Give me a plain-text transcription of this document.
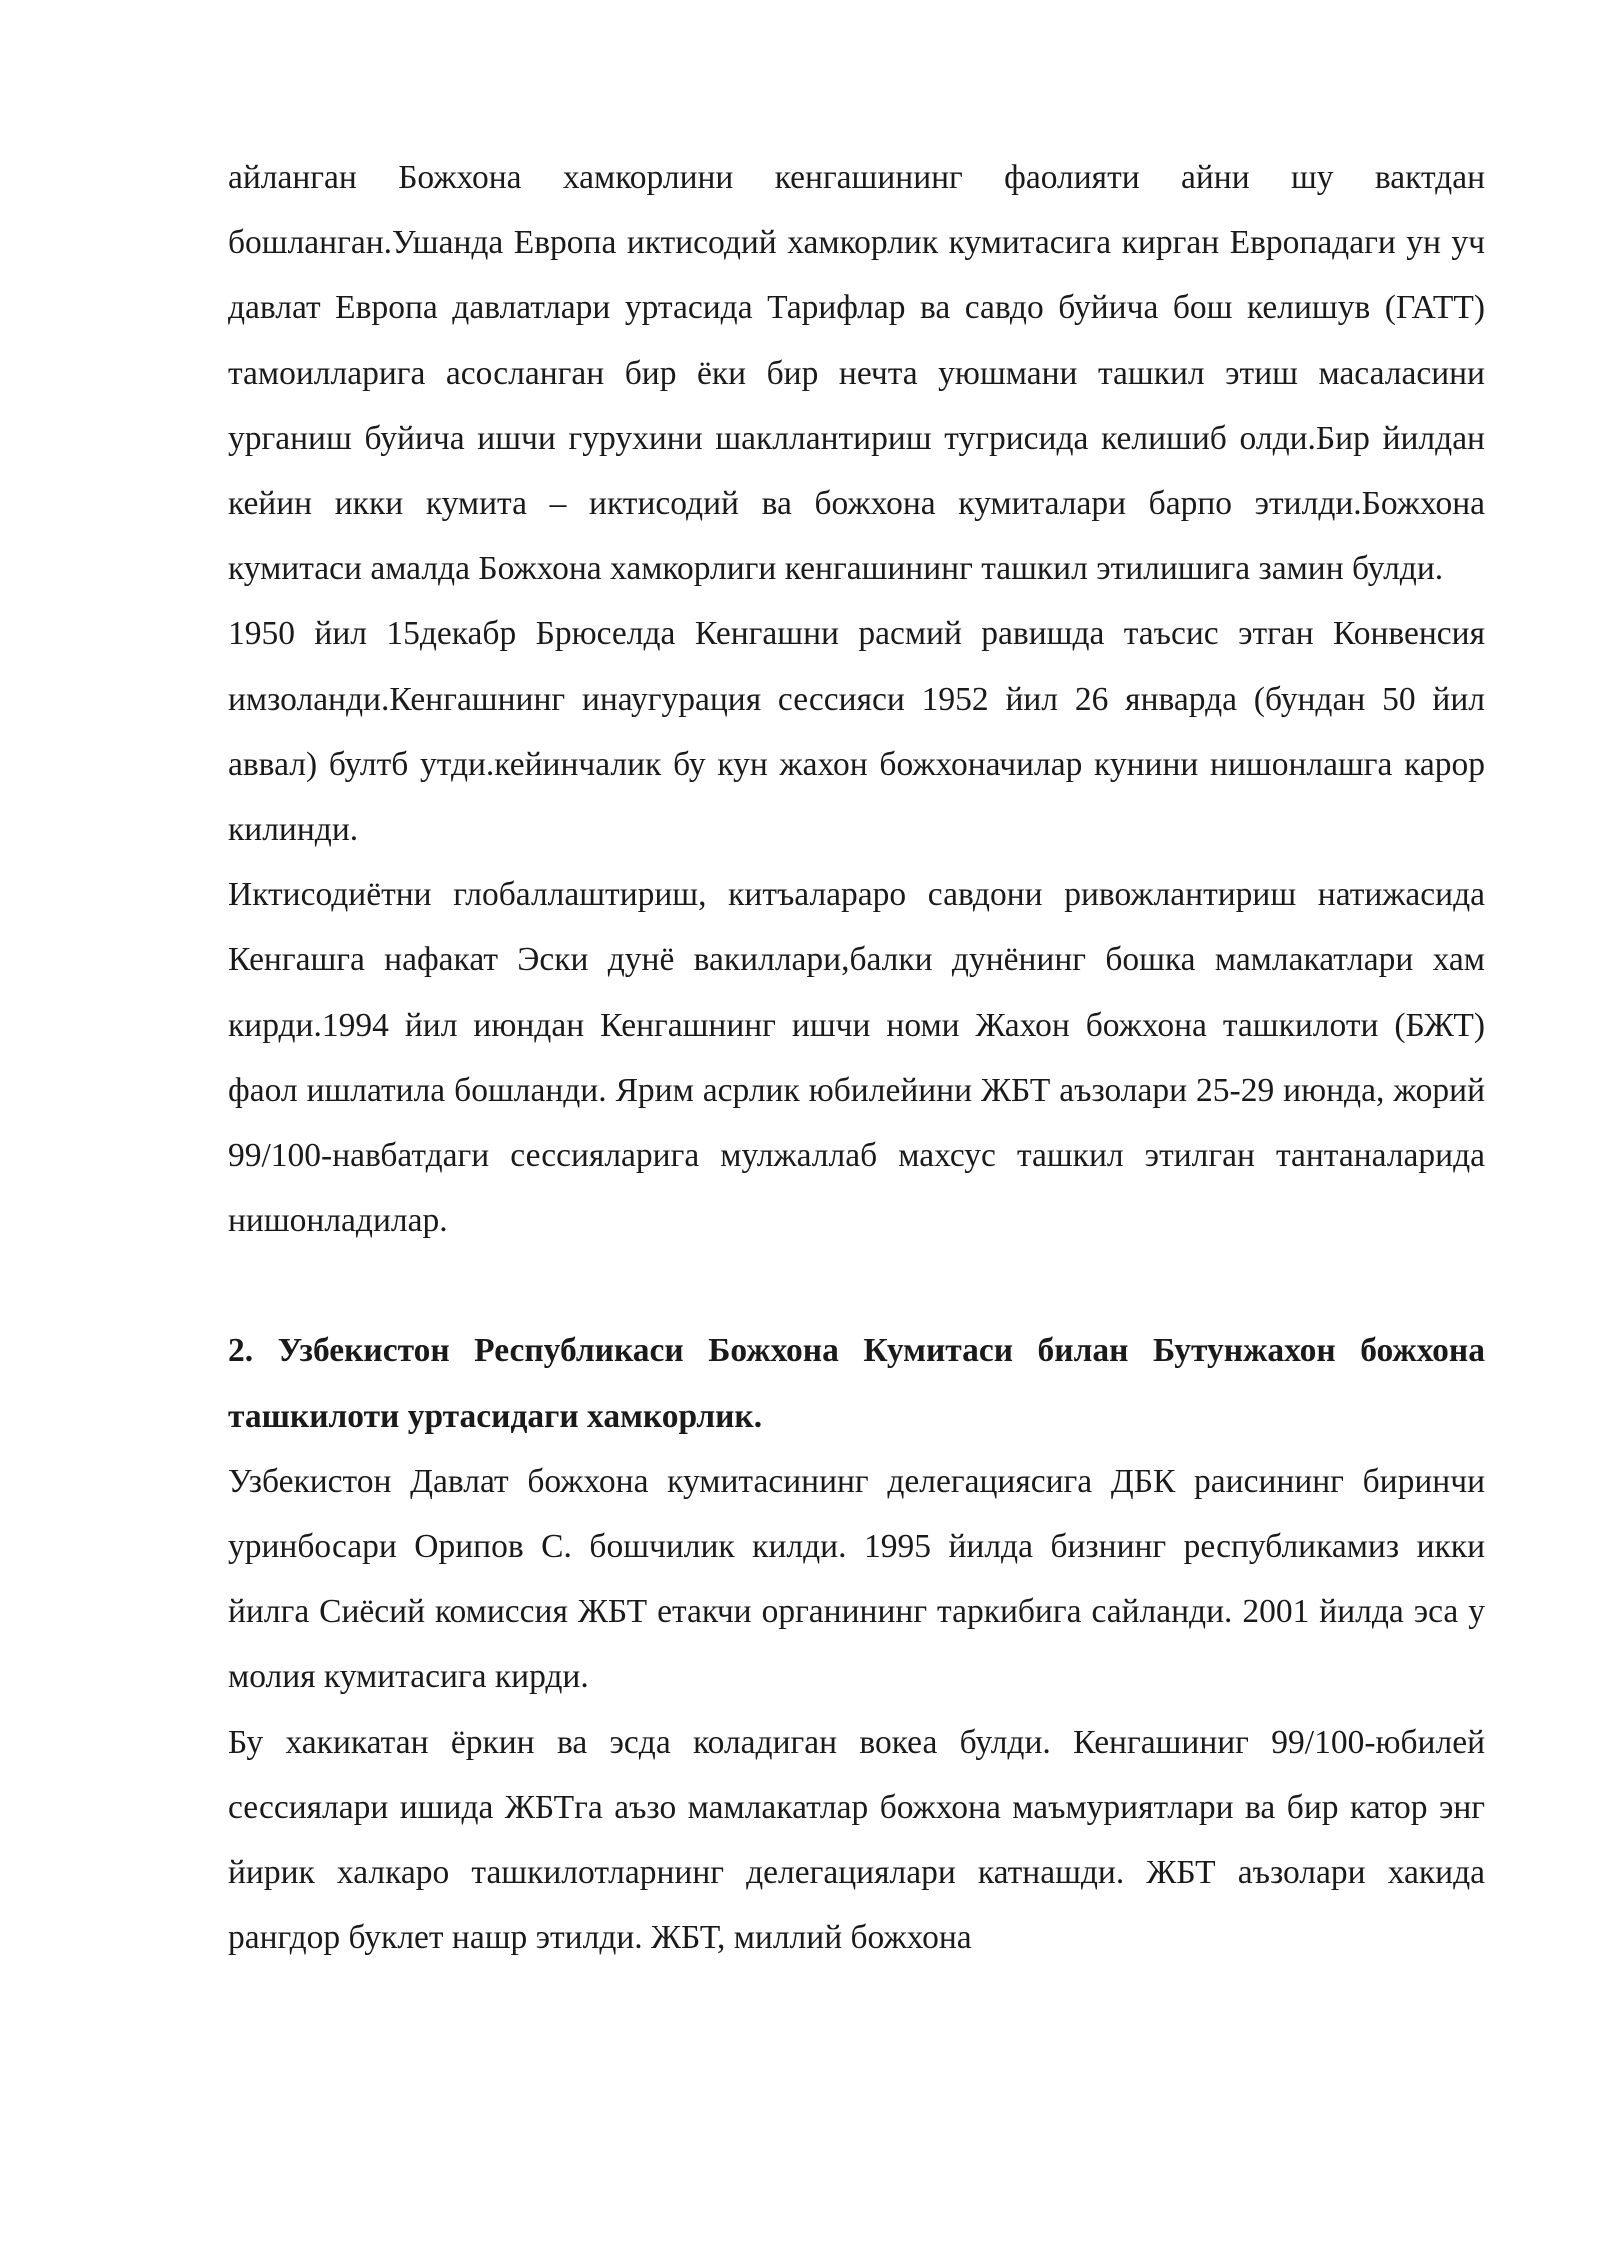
айланган Божхона хамкорлини кенгашининг фаолияти айни шу вактдан бошланган.Ушанда Европа иктисодий хамкорлик кумитасига кирган Европадаги ун уч давлат Европа давлатлари уртасида Тарифлар ва савдо буйича бош келишув (ГАТТ) тамоилларига асосланган бир ёки бир нечта уюшмани ташкил этиш масаласини урганиш буйича ишчи гурухини шакллантириш тугрисида келишиб олди.Бир йилдан кейин икки кумита – иктисодий ва божхона кумиталари барпо этилди.Божхона кумитаси амалда Божхона хамкорлиги кенгашининг ташкил этилишига замин булди.

1950 йил 15декабр Брюселда Кенгашни расмий равишда таъсис этган Конвенсия имзоланди.Кенгашнинг инаугурация сессияси 1952 йил 26 январда (бундан 50 йил аввал) бултб утди.кейинчалик бу кун жахон божхоначилар кунини нишонлашга карор килинди.

Иктисодиётни глобаллаштириш, китъалараро савдони ривожлантириш натижасида Кенгашга нафакат Эски дунё вакиллари,балки дунёнинг бошка мамлакатлари хам кирди.1994 йил июндан Кенгашнинг ишчи номи Жахон божхона ташкилоти (БЖТ) фаол ишлатила бошланди. Ярим асрлик юбилейини ЖБТ аъзолари 25-29 июнда, жорий 99/100-навбатдаги сессияларига мулжаллаб махсус ташкил этилган тантаналарида нишонладилар.

2. Узбекистон Республикаси Божхона Кумитаси билан Бутунжахон божхона ташкилоти уртасидаги хамкорлик.

Узбекистон Давлат божхона кумитасининг делегациясига ДБК раисининг биринчи уринбосари Орипов С. бошчилик килди. 1995 йилда бизнинг республикамиз икки йилга Сиёсий комиссия ЖБТ етакчи органининг таркибига сайланди. 2001 йилда эса у молия кумитасига кирди.

Бу хакикатан ёркин ва эсда коладиган вокеа булди. Кенгашиниг 99/100-юбилей сессиялари ишида ЖБТга аъзо мамлакатлар божхона маъмуриятлари ва бир катор энг йирик халкаро ташкилотларнинг делегациялари катнашди. ЖБТ аъзолари хакида рангдор буклет нашр этилди. ЖБТ, миллий божхона
